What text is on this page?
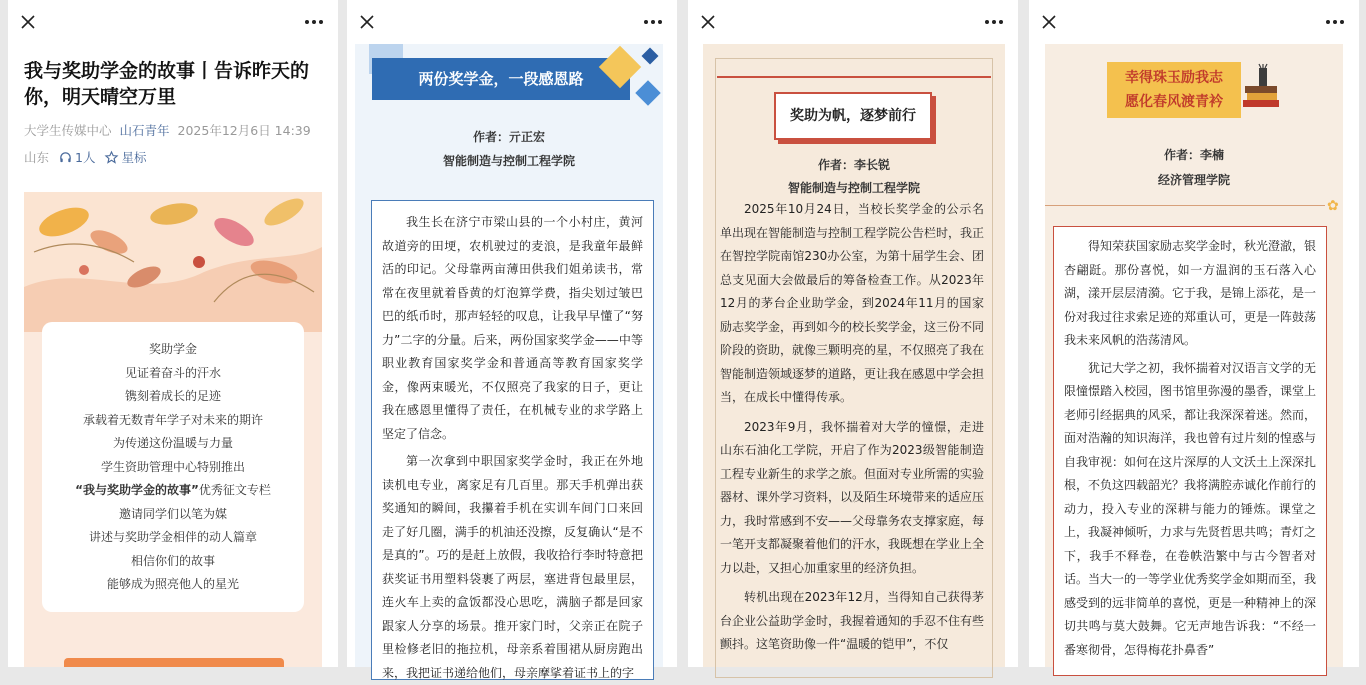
我与奖助学金的故事丨告诉昨天的你，明天晴空万里
大学生传媒中心 山石青年 2025年12月6日 14:39
山东 1人 星标
奖助学金
见证着奋斗的汗水
镌刻着成长的足迹
承载着无数青年学子对未来的期许
为传递这份温暖与力量
学生资助管理中心特别推出
“我与奖助学金的故事”优秀征文专栏
邀请同学们以笔为媒
讲述与奖助学金相伴的动人篇章
相信你们的故事
能够成为照亮他人的星光
两份奖学金，一段感恩路
作者：亓正宏
智能制造与控制工程学院

我生长在济宁市梁山县的一个小村庄，黄河故道旁的田埂，农机驶过的麦浪，是我童年最鲜活的印记。父母靠两亩薄田供我们姐弟读书，常常在夜里就着昏黄的灯泡算学费，指尖划过皱巴巴的纸币时，那声轻轻的叹息，让我早早懂了“努力”二字的分量。后来，两份国家奖学金——中等职业教育国家奖学金和普通高等教育国家奖学金，像两束暖光，不仅照亮了我家的日子，更让我在感恩里懂得了责任，在机械专业的求学路上坚定了信念。

第一次拿到中职国家奖学金时，我正在外地读机电专业，离家足有几百里。那天手机弹出获奖通知的瞬间，我攥着手机在实训车间门口来回走了好几圈，满手的机油还没擦，反复确认“是不是真的”。巧的是赶上放假，我收拾行李时特意把获奖证书用塑料袋裹了两层，塞进背包最里层，连火车上卖的盒饭都没心思吃，满脑子都是回家跟家人分享的场景。推开家门时，父亲正在院子里检修老旧的拖拉机，母亲系着围裙从厨房跑出来，我把证书递给他们，母亲摩挲着证书上的字

奖助为帆，逐梦前行
作者：李长锐
智能制造与控制工程学院

2025年10月24日，当校长奖学金的公示名单出现在智能制造与控制工程学院公告栏时，我正在智控学院南馆230办公室，为第十届学生会、团总支见面大会做最后的筹备检查工作。从2023年12月的茅台企业助学金，到2024年11月的国家励志奖学金，再到如今的校长奖学金，这三份不同阶段的资助，就像三颗明亮的星，不仅照亮了我在智能制造领域逐梦的道路，更让我在感恩中学会担当，在成长中懂得传承。

2023年9月，我怀揣着对大学的憧憬，走进山东石油化工学院，开启了作为2023级智能制造工程专业新生的求学之旅。但面对专业所需的实验器材、课外学习资料，以及陌生环境带来的适应压力，我时常感到不安——父母靠务农支撑家庭，每一笔开支都凝聚着他们的汗水，我既想在学业上全力以赴，又担心加重家里的经济负担。

转机出现在2023年12月，当得知自己获得茅台企业公益助学金时，我握着通知的手忍不住有些颤抖。这笔资助像一件“温暖的铠甲”，不仅

幸得珠玉励我志
愿化春风渡青衿
作者：李楠
经济管理学院
✿

得知荣获国家励志奖学金时，秋光澄澈，银杏翩跹。那份喜悦，如一方温润的玉石落入心湖，漾开层层清漪。它于我，是锦上添花，是一份对我过往求索足迹的郑重认可，更是一阵鼓荡我未来风帆的浩荡清风。

犹记大学之初，我怀揣着对汉语言文学的无限憧憬踏入校园，图书馆里弥漫的墨香，课堂上老师引经据典的风采，都让我深深着迷。然而，面对浩瀚的知识海洋，我也曾有过片刻的惶惑与自我审视：如何在这片深厚的人文沃土上深深扎根，不负这四载韶光？我将满腔赤诚化作前行的动力，投入专业的深耕与能力的锤炼。课堂之上，我凝神倾听，力求与先贤哲思共鸣；青灯之下，我手不释卷，在卷帙浩繁中与古今智者对话。当大一的一等学业优秀奖学金如期而至，我感受到的远非简单的喜悦，更是一种精神上的深切共鸣与莫大鼓舞。它无声地告诉我：“不经一番寒彻骨，怎得梅花扑鼻香”
